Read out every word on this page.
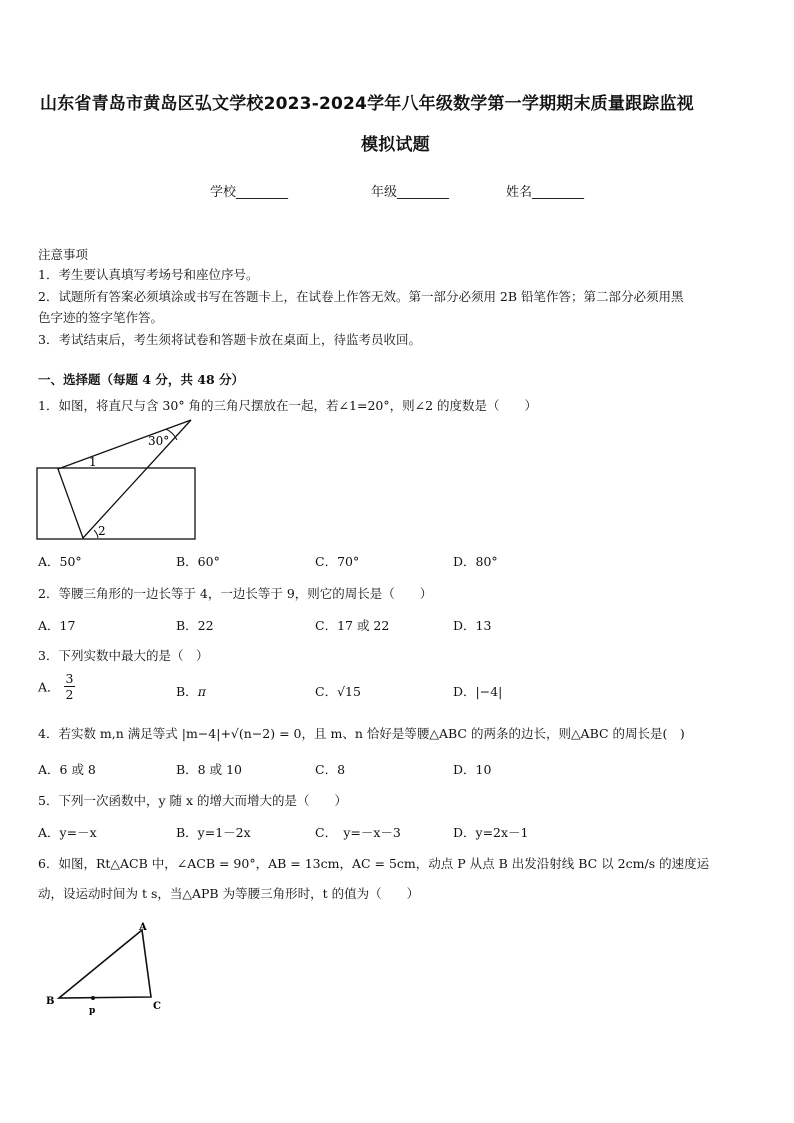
山东省青岛市黄岛区弘文学校2023-2024学年八年级数学第一学期期末质量跟踪监视
模拟试题
学校________	年级________	姓名________
注意事项
1．考生要认真填写考场号和座位序号。
2．试题所有答案必须填涂或书写在答题卡上，在试卷上作答无效。第一部分必须用 2B 铅笔作答；第二部分必须用黑
色字迹的签字笔作答。
3．考试结束后，考生须将试卷和答题卡放在桌面上，待监考员收回。
一、选择题（每题 4 分，共 48 分）
1．如图，将直尺与含 30° 角的三角尺摆放在一起，若∠1=20°，则∠2 的度数是（　　）
30°
1
2
A．50°	B．60°	C．70°	D．80°
2．等腰三角形的一边长等于 4，一边长等于 9，则它的周长是（　　）
A．17	B．22	C．17 或 22	D．13
3．下列实数中最大的是（　）
A． $\frac{3}{2}$	B．π	C．√15	D．|−4|
4．若实数 m,n 满足等式 |m−4|+√(n−2) = 0，且 m、n 恰好是等腰△ABC 的两条的边长，则△ABC 的周长是(　)
A．6 或 8	B．8 或 10	C．8	D．10
5．下列一次函数中，y 随 x 的增大而增大的是（　　）
A．y=－x	B．y=1－2x	C．　y=－x－3	D．y=2x－1
6．如图，Rt△ACB 中，∠ACB = 90°，AB = 13cm，AC = 5cm，动点 P 从点 B 出发沿射线 BC 以 2cm/s 的速度运
动，设运动时间为 t s，当△APB 为等腰三角形时，t 的值为（　　）
A
B	C
p
